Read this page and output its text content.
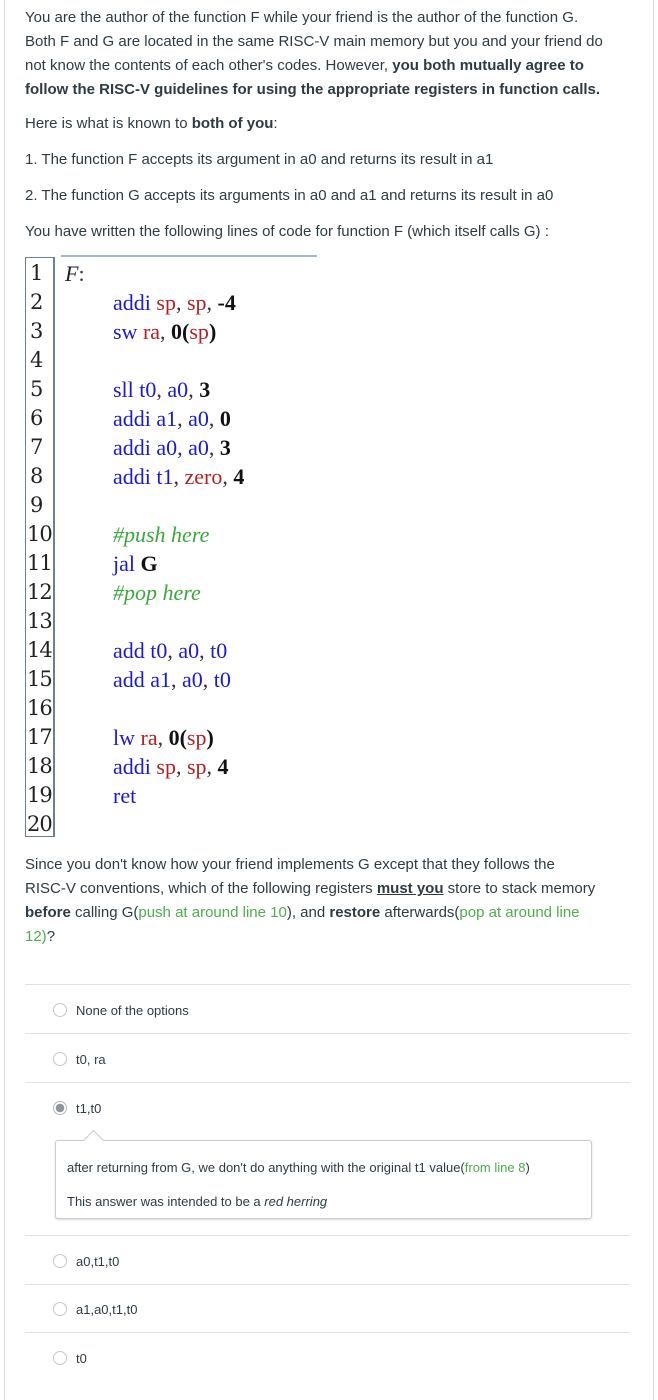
You are the author of the function F while your friend is the author of the function G.
Both F and G are located in the same RISC-V main memory but you and your friend do
not know the contents of each other's codes. However, you both mutually agree to
follow the RISC-V guidelines for using the appropriate registers in function calls.
Here is what is known to both of you:
1. The function F accepts its argument in a0 and returns its result in a1
2. The function G accepts its arguments in a0 and a1 and returns its result in a0
You have written the following lines of code for function F (which itself calls G) :
1
2
3
4
5
6
7
8
9
10
11
12
13
14
15
16
17
18
19
20
F:
addi sp, sp, -4
sw ra, 0(sp)
sll t0, a0, 3
addi a1, a0, 0
addi a0, a0, 3
addi t1, zero, 4
#push here
jal G
#pop here
add t0, a0, t0
add a1, a0, t0
lw ra, 0(sp)
addi sp, sp, 4
ret
Since you don't know how your friend implements G except that they follows the
RISC-V conventions, which of the following registers must you store to stack memory
before calling G(push at around line 10), and restore afterwards(pop at around line
12)?
None of the options
t0, ra
t1,t0
after returning from G, we don't do anything with the original t1 value(from line 8)
This answer was intended to be a red herring
a0,t1,t0
a1,a0,t1,t0
t0
